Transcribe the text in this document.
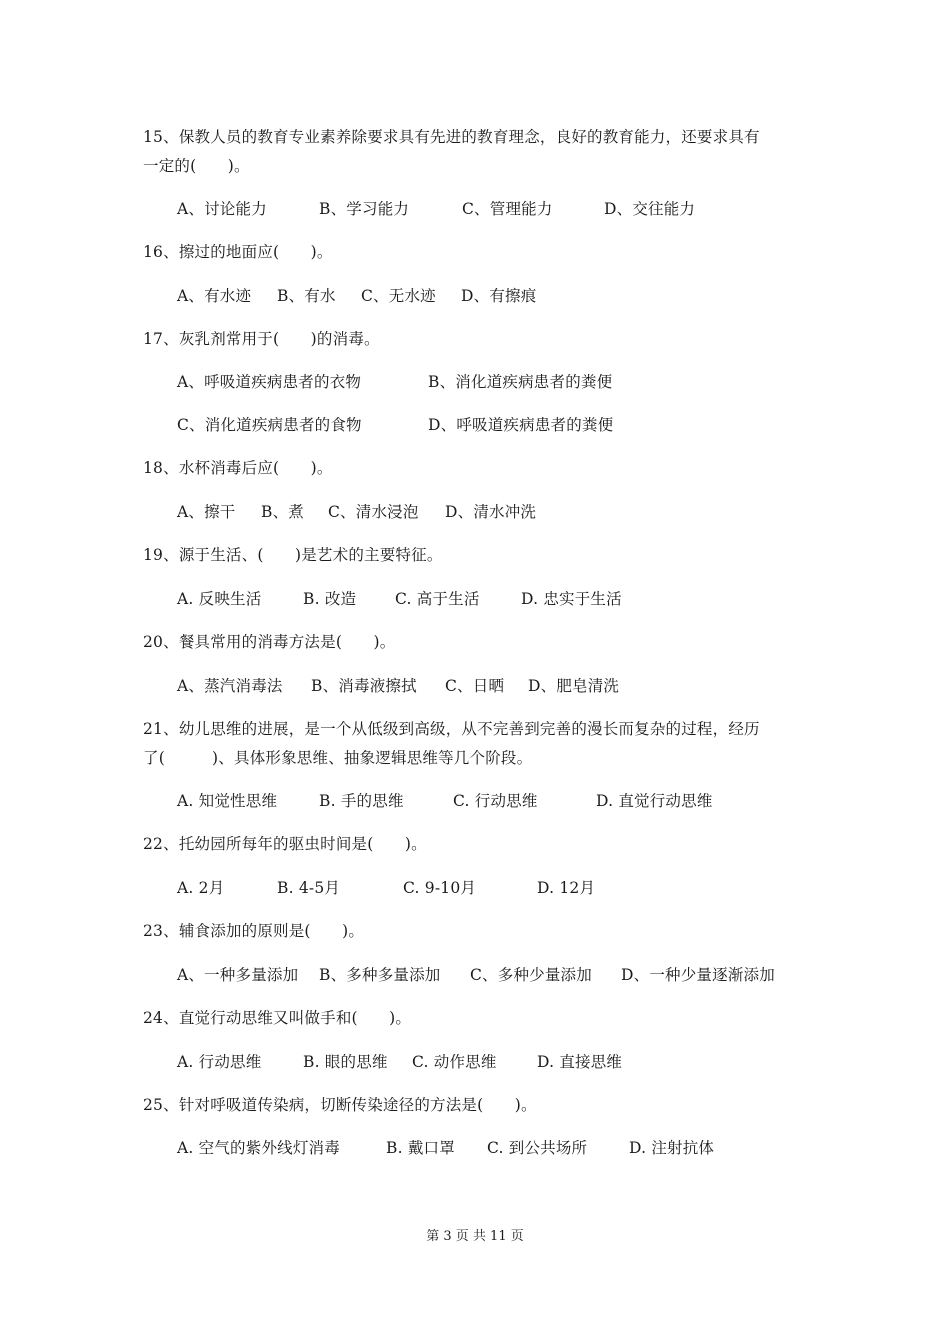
15、保教人员的教育专业素养除要求具有先进的教育理念，良好的教育能力，还要求具有
一定的(　　)。
A、讨论能力	B、学习能力	C、管理能力	D、交往能力
16、擦过的地面应(　　)。
A、有水迹 B、有水 C、无水迹 D、有擦痕
17、灰乳剂常用于(　　)的消毒。
A、呼吸道疾病患者的衣物	B、消化道疾病患者的粪便
C、消化道疾病患者的食物	D、呼吸道疾病患者的粪便
18、水杯消毒后应(　　)。
A、擦干 B、煮 C、清水浸泡 D、清水冲洗
19、源于生活、(　　)是艺术的主要特征。
A. 反映生活	B. 改造	C. 高于生活	D. 忠实于生活
20、餐具常用的消毒方法是(　　)。
A、蒸汽消毒法 B、消毒液擦拭 C、日晒 D、肥皂清洗
21、幼儿思维的进展，是一个从低级到高级，从不完善到完善的漫长而复杂的过程，经历
了(　　　)、具体形象思维、抽象逻辑思维等几个阶段。
A. 知觉性思维	B. 手的思维	C. 行动思维	D. 直觉行动思维
22、托幼园所每年的驱虫时间是(　　)。
A. 2月	B. 4-5月	C. 9-10月	D. 12月
23、辅食添加的原则是(　　)。
A、一种多量添加 B、多种多量添加 C、多种少量添加 D、一种少量逐渐添加
24、直觉行动思维又叫做手和(　　)。
A. 行动思维	B. 眼的思维 C. 动作思维	D. 直接思维
25、针对呼吸道传染病，切断传染途径的方法是(　　)。
A. 空气的紫外线灯消毒	B. 戴口罩 C. 到公共场所	D. 注射抗体
第 3 页 共 11 页
